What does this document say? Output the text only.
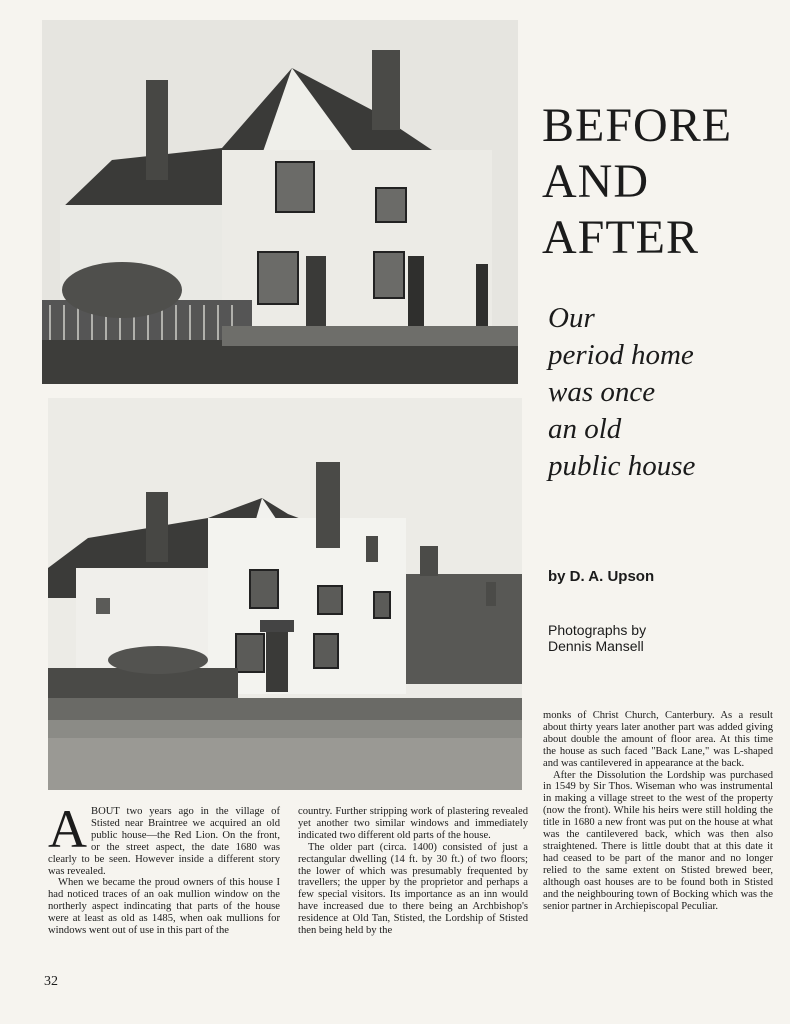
BEFORE
AND
AFTER
Our
period home
was once
an old
public house
by D. A. Upson
Photographs by
Dennis Mansell

ABOUT two years ago in the village of Stisted near Braintree we acquired an old public house—the Red Lion. On the front, or the street aspect, the date 1680 was clearly to be seen. However inside a different story was revealed.

When we became the proud owners of this house I had noticed traces of an oak mullion window on the northerly aspect indincating that parts of the house were at least as old as 1485, when oak mullions for windows went out of use in this part of the

country. Further stripping work of plastering revealed yet another two similar windows and immediately indicated two different old parts of the house.

The older part (circa. 1400) consisted of just a rectangular dwelling (14 ft. by 30 ft.) of two floors; the lower of which was presumably frequented by travellers; the upper by the proprietor and perhaps a few special visitors. Its importance as an inn would have increased due to there being an Archbishop's residence at Old Tan, Stisted, the Lordship of Stisted then being held by the

monks of Christ Church, Canterbury. As a result about thirty years later another part was added giving about double the amount of floor area. At this time the house as such faced "Back Lane," was L-shaped and was cantilevered in appearance at the back.

After the Dissolution the Lordship was purchased in 1549 by Sir Thos. Wiseman who was instrumental in making a village street to the west of the property (now the front). While his heirs were still holding the title in 1680 a new front was put on the house at what was the cantilevered back, which was then also straightened. There is little doubt that at this date it had ceased to be part of the manor and no longer relied to the same extent on Stisted brewed beer, although oast houses are to be found both in Stisted and the neighbouring town of Bocking which was the senior partner in Archiepiscopal Peculiar.

32
